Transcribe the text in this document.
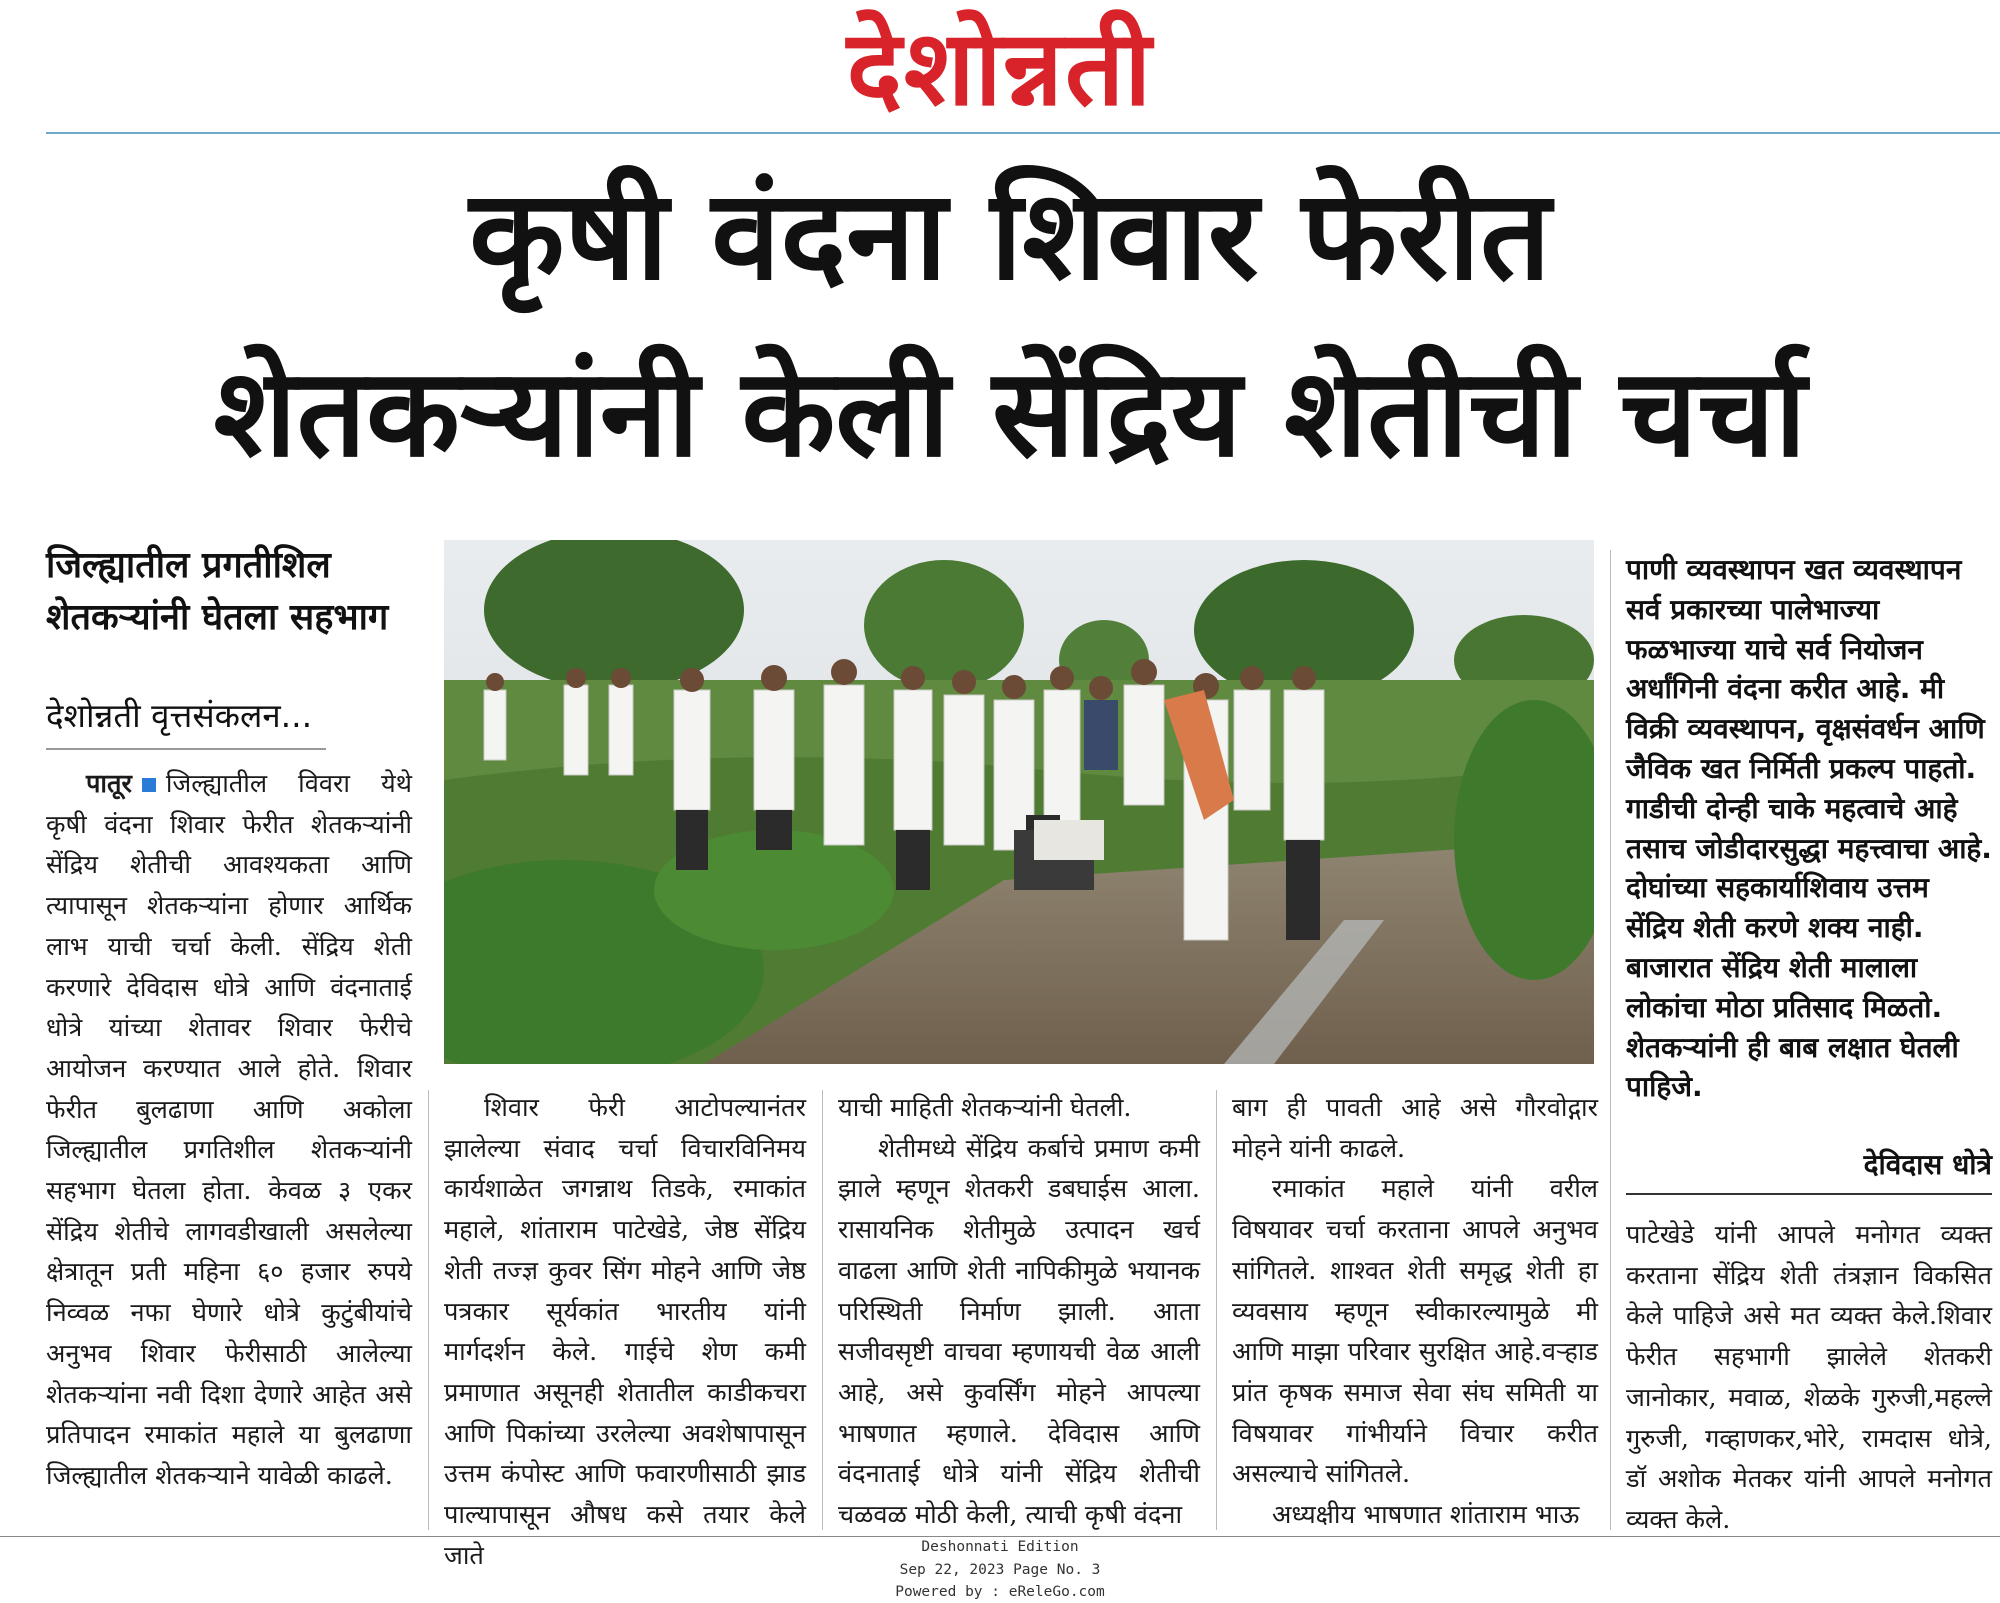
देशोन्नती
कृषी वंदना शिवार फेरीत
शेतकऱ्यांनी केली सेंद्रिय शेतीची चर्चा
जिल्ह्यातील प्रगतीशिल
शेतकऱ्यांनी घेतला सहभाग
देशोन्नती वृत्तसंकलन...
पातूर जिल्ह्यातील विवरा येथे कृषी वंदना शिवार फेरीत शेतकऱ्यांनी सेंद्रिय शेतीची आवश्यकता आणि त्यापासून शेतकऱ्यांना होणार आर्थिक लाभ याची चर्चा केली. सेंद्रिय शेती करणारे देविदास धोत्रे आणि वंदनाताई धोत्रे यांच्या शेतावर शिवार फेरीचे आयोजन करण्यात आले होते. शिवार फेरीत बुलढाणा आणि अकोला जिल्ह्यातील प्रगतिशील शेतकऱ्यांनी सहभाग घेतला होता. केवळ ३ एकर सेंद्रिय शेतीचे लागवडीखाली असलेल्या क्षेत्रातून प्रती महिना ६० हजार रुपये निव्वळ नफा घेणारे धोत्रे कुटुंबीयांचे अनुभव शिवार फेरीसाठी आलेल्या शेतकऱ्यांना नवी दिशा देणारे आहेत असे प्रतिपादन रमाकांत महाले या बुलढाणा जिल्ह्यातील शेतकऱ्याने यावेळी काढले.
शिवार फेरी आटोपल्यानंतर झालेल्या संवाद चर्चा विचारविनिमय कार्यशाळेत जगन्नाथ तिडके, रमाकांत महाले, शांताराम पाटेखेडे, जेष्ठ सेंद्रिय शेती तज्ज्ञ कुवर सिंग मोहने आणि जेष्ठ पत्रकार सूर्यकांत भारतीय यांनी मार्गदर्शन केले. गाईचे शेण कमी प्रमाणात असूनही शेतातील काडीकचरा आणि पिकांच्या उरलेल्या अवशेषापासून उत्तम कंपोस्ट आणि फवारणीसाठी झाड पाल्यापासून औषध कसे तयार केले जाते
याची माहिती शेतकऱ्यांनी घेतली.
शेतीमध्ये सेंद्रिय कर्बाचे प्रमाण कमी झाले म्हणून शेतकरी डबघाईस आला. रासायनिक शेतीमुळे उत्पादन खर्च वाढला आणि शेती नापिकीमुळे भयानक परिस्थिती निर्माण झाली. आता सजीवसृष्टी वाचवा म्हणायची वेळ आली आहे, असे कुवर्सिंग मोहने आपल्या भाषणात म्हणाले. देविदास आणि वंदनाताई धोत्रे यांनी सेंद्रिय शेतीची चळवळ मोठी केली, त्याची कृषी वंदना
बाग ही पावती आहे असे गौरवोद्गार मोहने यांनी काढले.
रमाकांत महाले यांनी वरील विषयावर चर्चा करताना आपले अनुभव सांगितले. शाश्वत शेती समृद्ध शेती हा व्यवसाय म्हणून स्वीकारल्यामुळे मी आणि माझा परिवार सुरक्षित आहे.वऱ्हाड प्रांत कृषक समाज सेवा संघ समिती या विषयावर गांभीर्याने विचार करीत असल्याचे सांगितले.
अध्यक्षीय भाषणात शांताराम भाऊ

पाणी व्यवस्थापन खत व्यवस्थापन सर्व प्रकारच्या पालेभाज्या फळभाज्या याचे सर्व नियोजन अर्धांगिनी वंदना करीत आहे. मी विक्री व्यवस्थापन, वृक्षसंवर्धन आणि जैविक खत निर्मिती प्रकल्प पाहतो. गाडीची दोन्ही चाके महत्वाचे आहे तसाच जोडीदारसुद्धा महत्त्वाचा आहे. दोघांच्या सहकार्याशिवाय उत्तम सेंद्रिय शेती करणे शक्य नाही. बाजारात सेंद्रिय शेती मालाला लोकांचा मोठा प्रतिसाद मिळतो. शेतकऱ्यांनी ही बाब लक्षात घेतली पाहिजे.

देविदास धोत्रे
पाटेखेडे यांनी आपले मनोगत व्यक्त करताना सेंद्रिय शेती तंत्रज्ञान विकसित केले पाहिजे असे मत व्यक्त केले.शिवार फेरीत सहभागी झालेले शेतकरी जानोकार, मवाळ, शेळके गुरुजी,महल्ले गुरुजी, गव्हाणकर,भोरे, रामदास धोत्रे, डॉ अशोक मेतकर यांनी आपले मनोगत व्यक्त केले.
Deshonnati Edition
Sep 22, 2023 Page No. 3
Powered by : eReleGo.com
